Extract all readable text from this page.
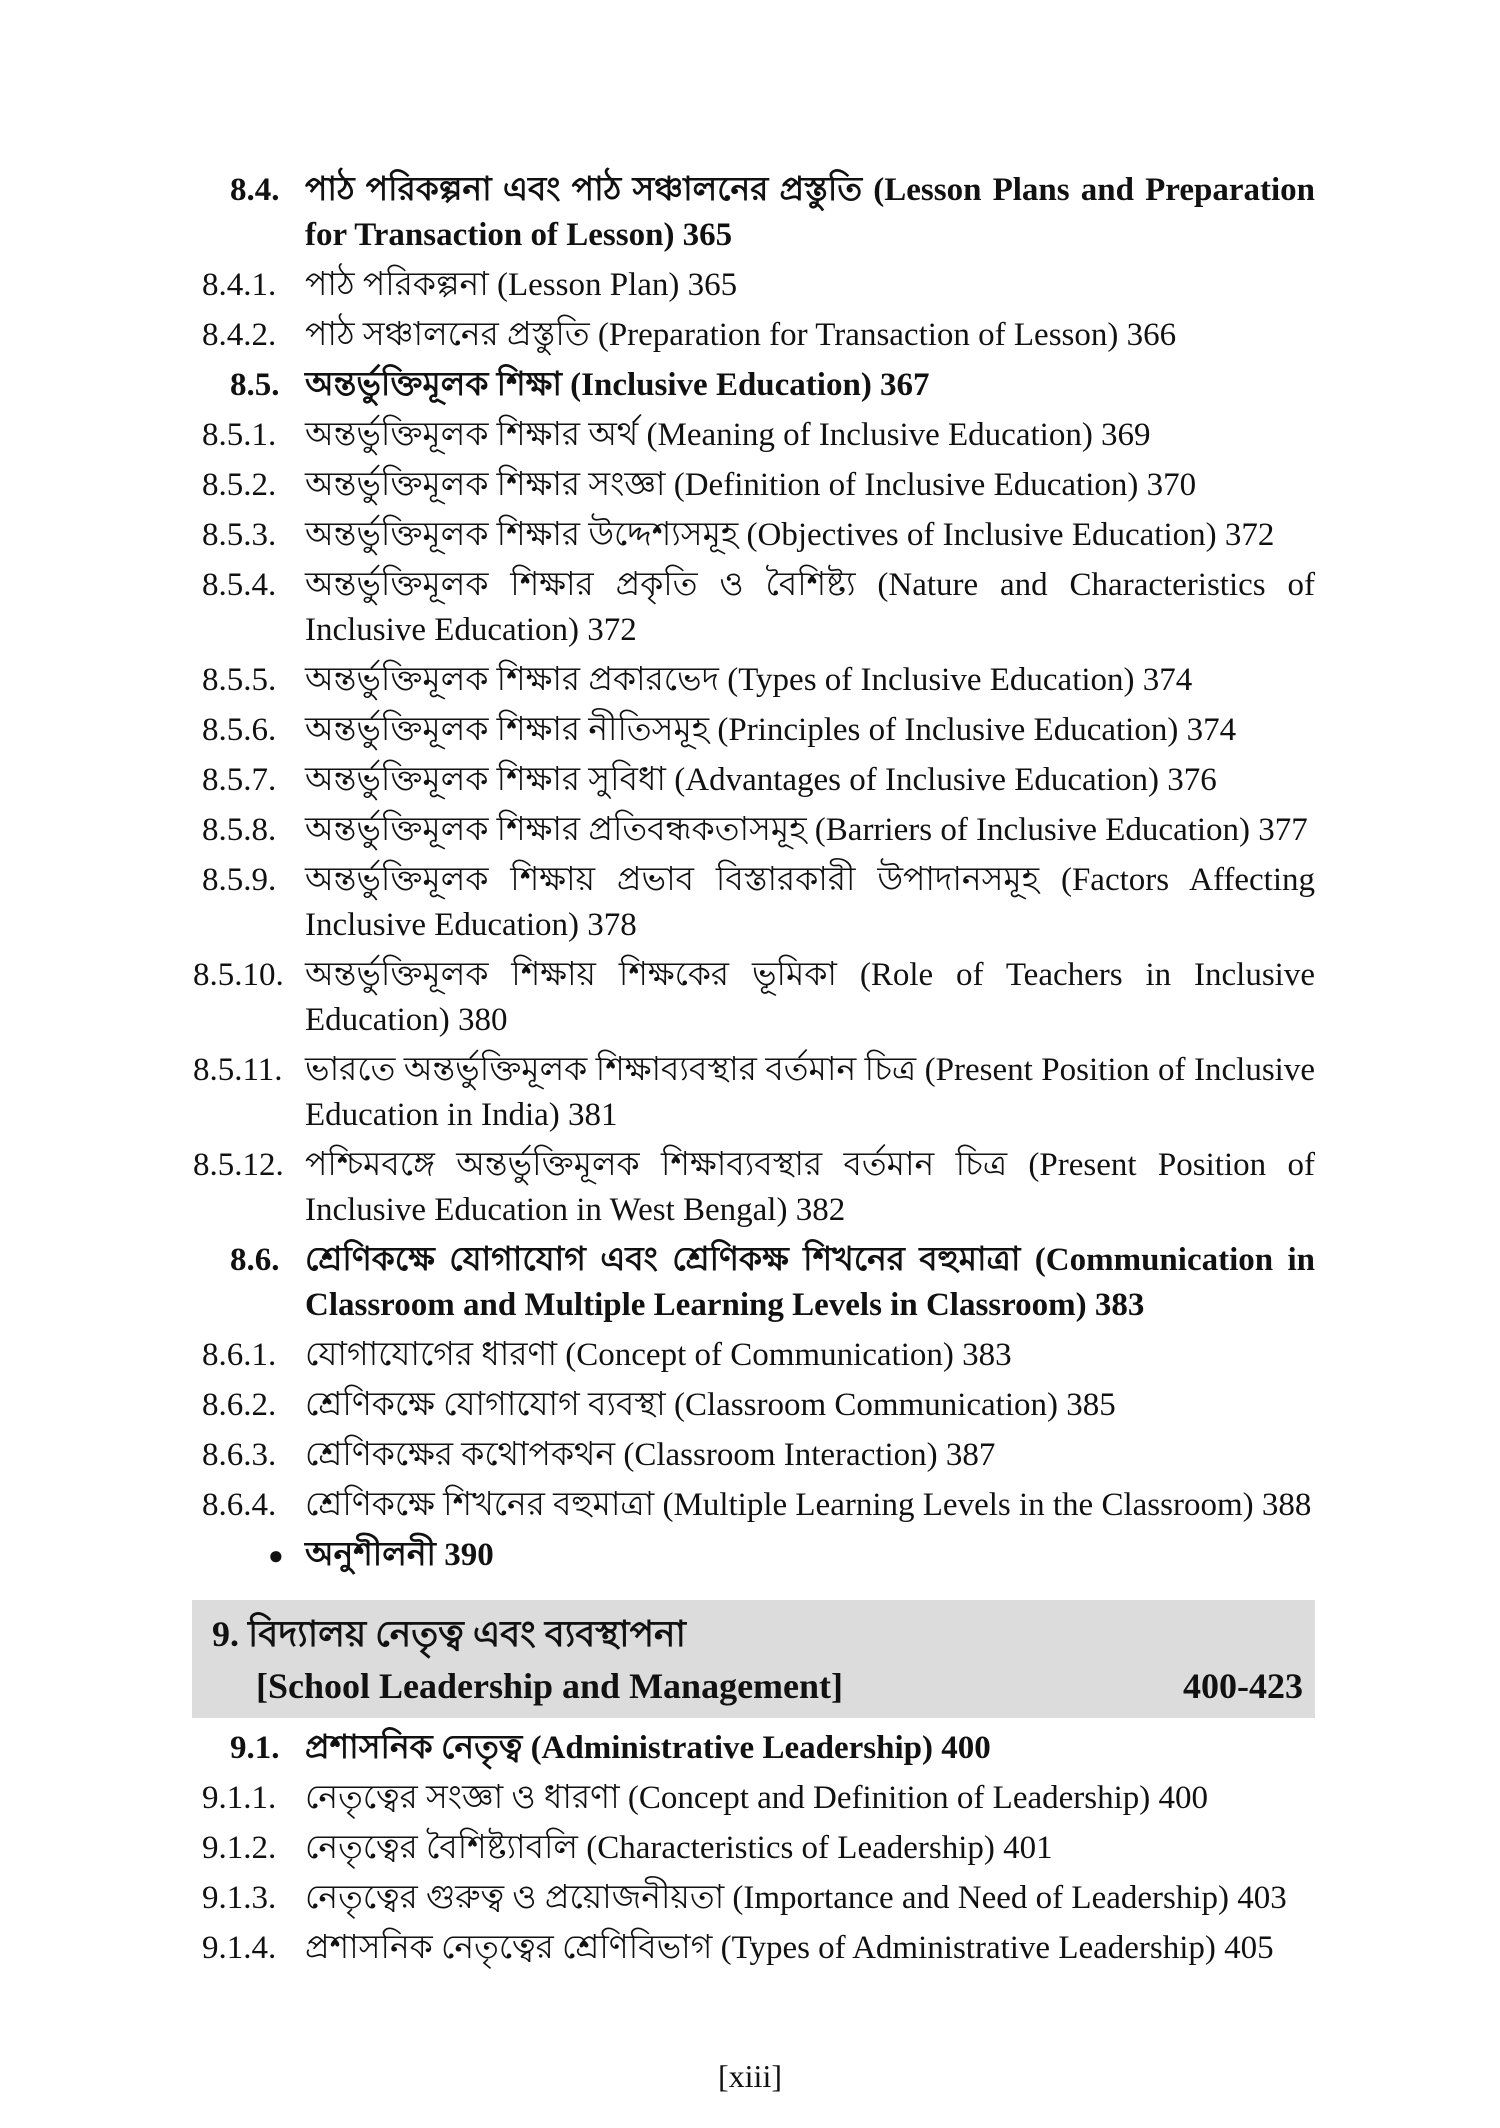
8.4. পাঠ পরিকল্পনা এবং পাঠ সঞ্চালনের প্রস্তুতি (Lesson Plans and Preparation for Transaction of Lesson) 365
8.4.1. পাঠ পরিকল্পনা (Lesson Plan) 365
8.4.2. পাঠ সঞ্চালনের প্রস্তুতি (Preparation for Transaction of Lesson) 366
8.5. অন্তর্ভুক্তিমূলক শিক্ষা (Inclusive Education) 367
8.5.1. অন্তর্ভুক্তিমূলক শিক্ষার অর্থ (Meaning of Inclusive Education) 369
8.5.2. অন্তর্ভুক্তিমূলক শিক্ষার সংজ্ঞা (Definition of Inclusive Education) 370
8.5.3. অন্তর্ভুক্তিমূলক শিক্ষার উদ্দেশ্যসমূহ (Objectives of Inclusive Education) 372
8.5.4. অন্তর্ভুক্তিমূলক শিক্ষার প্রকৃতি ও বৈশিষ্ট্য (Nature and Characteristics of Inclusive Education) 372
8.5.5. অন্তর্ভুক্তিমূলক শিক্ষার প্রকারভেদ (Types of Inclusive Education) 374
8.5.6. অন্তর্ভুক্তিমূলক শিক্ষার নীতিসমূহ (Principles of Inclusive Education) 374
8.5.7. অন্তর্ভুক্তিমূলক শিক্ষার সুবিধা (Advantages of Inclusive Education) 376
8.5.8. অন্তর্ভুক্তিমূলক শিক্ষার প্রতিবন্ধকতাসমূহ (Barriers of Inclusive Education) 377
8.5.9. অন্তর্ভুক্তিমূলক শিক্ষায় প্রভাব বিস্তারকারী উপাদানসমূহ (Factors Affecting Inclusive Education) 378
8.5.10. অন্তর্ভুক্তিমূলক শিক্ষায় শিক্ষকের ভূমিকা (Role of Teachers in Inclusive Education) 380
8.5.11. ভারতে অন্তর্ভুক্তিমূলক শিক্ষাব্যবস্থার বর্তমান চিত্র (Present Position of Inclusive Education in India) 381
8.5.12. পশ্চিমবঙ্গে অন্তর্ভুক্তিমূলক শিক্ষাব্যবস্থার বর্তমান চিত্র (Present Position of Inclusive Education in West Bengal) 382
8.6. শ্রেণিকক্ষে যোগাযোগ এবং শ্রেণিকক্ষ শিখনের বহুমাত্রা (Communication in Classroom and Multiple Learning Levels in Classroom) 383
8.6.1. যোগাযোগের ধারণা (Concept of Communication) 383
8.6.2. শ্রেণিকক্ষে যোগাযোগ ব্যবস্থা (Classroom Communication) 385
8.6.3. শ্রেণিকক্ষের কথোপকথন (Classroom Interaction) 387
8.6.4. শ্রেণিকক্ষে শিখনের বহুমাত্রা (Multiple Learning Levels in the Classroom) 388
● অনুশীলনী 390
9. বিদ্যালয় নেতৃত্ব এবং ব্যবস্থাপনা
[School Leadership and Management]	400-423
9.1. প্রশাসনিক নেতৃত্ব (Administrative Leadership) 400
9.1.1. নেতৃত্বের সংজ্ঞা ও ধারণা (Concept and Definition of Leadership) 400
9.1.2. নেতৃত্বের বৈশিষ্ট্যাবলি (Characteristics of Leadership) 401
9.1.3. নেতৃত্বের গুরুত্ব ও প্রয়োজনীয়তা (Importance and Need of Leadership) 403
9.1.4. প্রশাসনিক নেতৃত্বের শ্রেণিবিভাগ (Types of Administrative Leadership) 405
[xiii]
